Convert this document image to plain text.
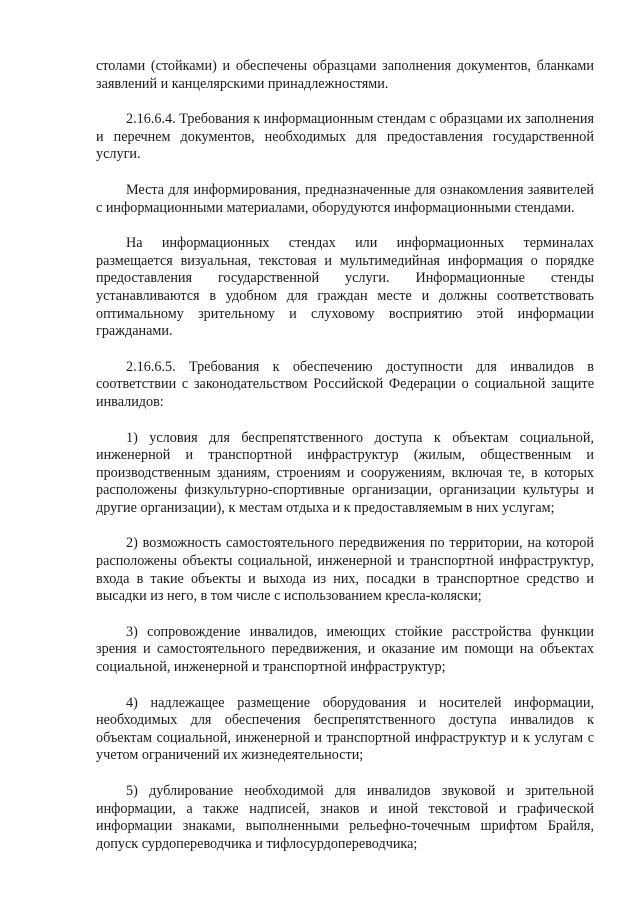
столами (стойками) и обеспечены образцами заполнения документов, бланками заявлений и канцелярскими принадлежностями.

2.16.6.4. Требования к информационным стендам с образцами их заполнения и перечнем документов, необходимых для предоставления государственной услуги.

Места для информирования, предназначенные для ознакомления заявителей с информационными материалами, оборудуются информационными стендами.

На информационных стендах или информационных терминалах размещается визуальная, текстовая и мультимедийная информация о порядке предоставления государственной услуги. Информационные стенды устанавливаются в удобном для граждан месте и должны соответствовать оптимальному зрительному и слуховому восприятию этой информации гражданами.

2.16.6.5. Требования к обеспечению доступности для инвалидов в соответствии с законодательством Российской Федерации о социальной защите инвалидов:

1) условия для беспрепятственного доступа к объектам социальной, инженерной и транспортной инфраструктур (жилым, общественным и производственным зданиям, строениям и сооружениям, включая те, в которых расположены физкультурно-спортивные организации, организации культуры и другие организации), к местам отдыха и к предоставляемым в них услугам;

2) возможность самостоятельного передвижения по территории, на которой расположены объекты социальной, инженерной и транспортной инфраструктур, входа в такие объекты и выхода из них, посадки в транспортное средство и высадки из него, в том числе с использованием кресла-коляски;

3) сопровождение инвалидов, имеющих стойкие расстройства функции зрения и самостоятельного передвижения, и оказание им помощи на объектах социальной, инженерной и транспортной инфраструктур;

4) надлежащее размещение оборудования и носителей информации, необходимых для обеспечения беспрепятственного доступа инвалидов к объектам социальной, инженерной и транспортной инфраструктур и к услугам с учетом ограничений их жизнедеятельности;

5) дублирование необходимой для инвалидов звуковой и зрительной информации, а также надписей, знаков и иной текстовой и графической информации знаками, выполненными рельефно-точечным шрифтом Брайля, допуск сурдопереводчика и тифлосурдопереводчика;
